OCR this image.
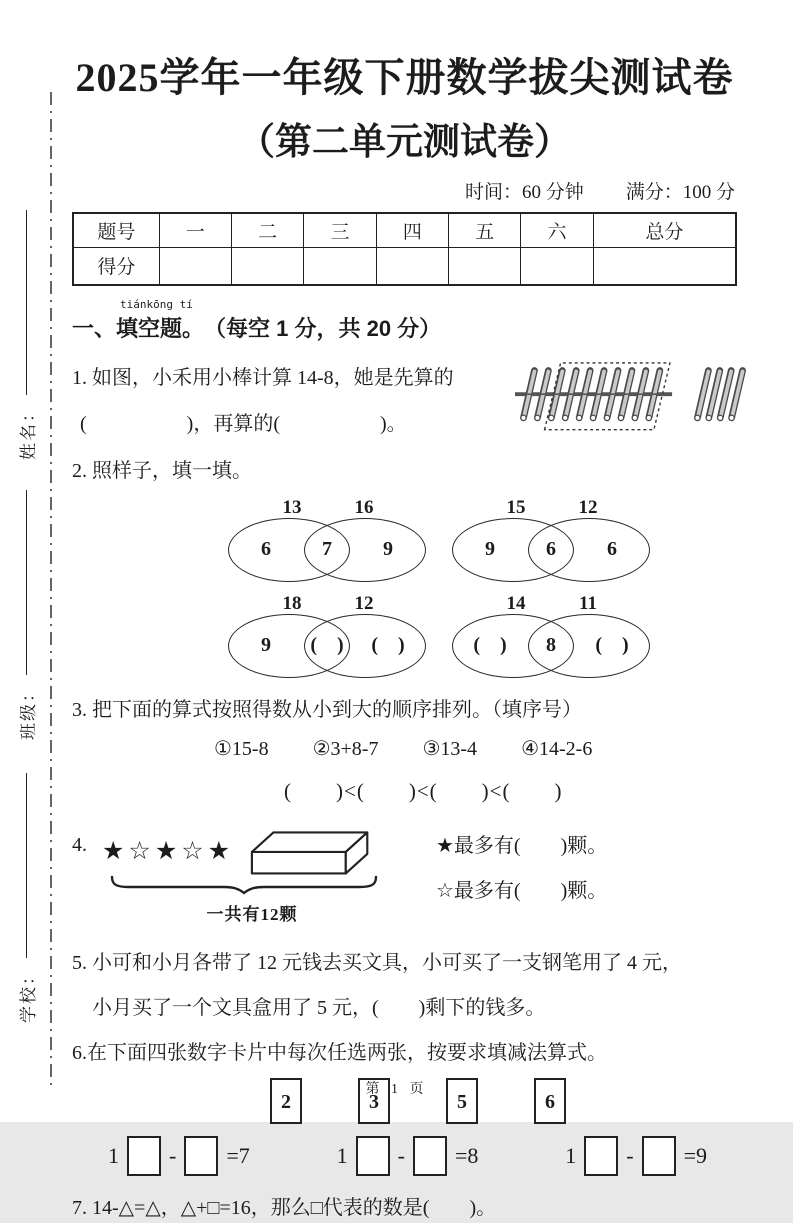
姓名：
班级：
学校：
2025学年一年级下册数学拔尖测试卷
（第二单元测试卷）
时间：60 分钟 满分：100 分
题号	一	二	三	四	五	六	总分
得分							
一、
tiánkōng tí
填空题。 （每空 1 分，共 20 分）
1. 如图，小禾用小棒计算 14-8，她是先算的
(　　　　　)，再算的(　　　　　)。
2. 照样子，填一填。
13	16
6	7	9
15	12
9	6	6
18	12
9	(　)	(　)
14	11
(　)	8	(　)
3. 把下面的算式按照得数从小到大的顺序排列。（填序号）
①15-8 ②3+8-7 ③13-4 ④14-2-6
(　　)<(　　)<(　　)<(　　)
4. ★☆★☆★
一共有12颗
★最多有(　　)颗。
☆最多有(　　)颗。
5. 小可和小月各带了 12 元钱去买文具，小可买了一支钢笔用了 4 元，
小月买了一个文具盒用了 5 元，(　　)剩下的钱多。
6.在下面四张数字卡片中每次任选两张，按要求填减法算式。
2	3	5	6
1 - =7	1 - =8	1 - =9
7. 14-△=△，△+□=16，那么□代表的数是(　　)。
第 1 页
